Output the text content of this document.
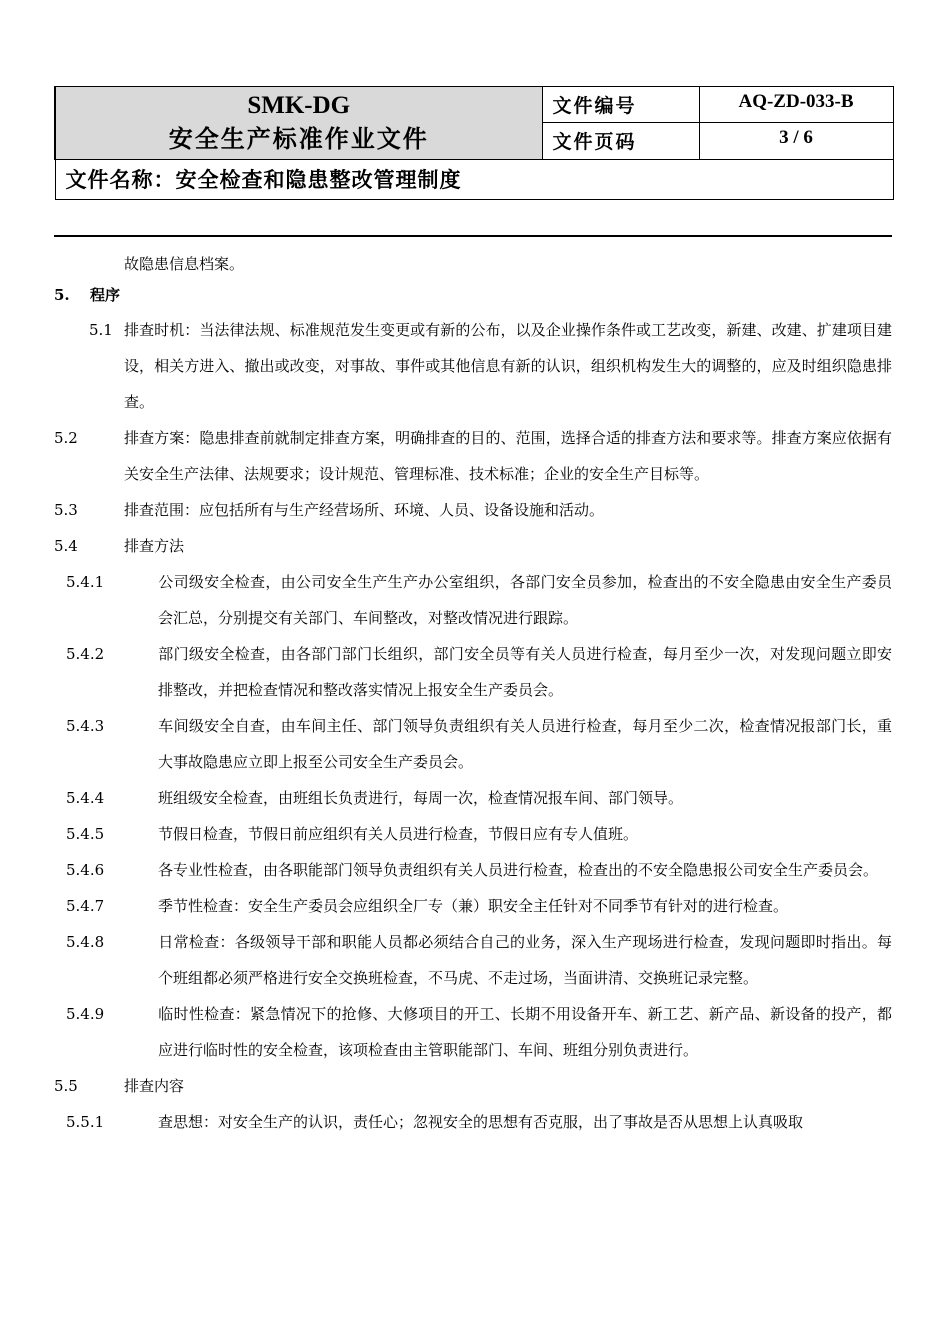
SMK-DG
安全生产标准作业文件	文件编号	AQ-ZD-033-B
	文件页码	3 / 6
文件名称：安全检查和隐患整改管理制度		

故隐患信息档案。

5. 程序

5.1 排查时机：当法律法规、标准规范发生变更或有新的公布，以及企业操作条件或工艺改变，新建、改建、扩建项目建设，相关方进入、撤出或改变，对事故、事件或其他信息有新的认识，组织机构发生大的调整的，应及时组织隐患排查。

5.2	排查方案：隐患排查前就制定排查方案，明确排查的目的、范围，选择合适的排查方法和要求等。排查方案应依据有关安全生产法律、法规要求；设计规范、管理标准、技术标准；企业的安全生产目标等。

5.3	排查范围：应包括所有与生产经营场所、环境、人员、设备设施和活动。

5.4	排查方法

5.4.1	公司级安全检查，由公司安全生产生产办公室组织，各部门安全员参加，检查出的不安全隐患由安全生产委员会汇总，分别提交有关部门、车间整改，对整改情况进行跟踪。

5.4.2	部门级安全检查，由各部门部门长组织，部门安全员等有关人员进行检查，每月至少一次，对发现问题立即安排整改，并把检查情况和整改落实情况上报安全生产委员会。

5.4.3	车间级安全自查，由车间主任、部门领导负责组织有关人员进行检查，每月至少二次，检查情况报部门长，重大事故隐患应立即上报至公司安全生产委员会。

5.4.4	班组级安全检查，由班组长负责进行，每周一次，检查情况报车间、部门领导。

5.4.5	节假日检查，节假日前应组织有关人员进行检查，节假日应有专人值班。

5.4.6	各专业性检查，由各职能部门领导负责组织有关人员进行检查，检查出的不安全隐患报公司安全生产委员会。

5.4.7	季节性检查：安全生产委员会应组织全厂专（兼）职安全主任针对不同季节有针对的进行检查。

5.4.8	日常检查：各级领导干部和职能人员都必须结合自己的业务，深入生产现场进行检查，发现问题即时指出。每个班组都必须严格进行安全交换班检查，不马虎、不走过场，当面讲清、交换班记录完整。

5.4.9	临时性检查：紧急情况下的抢修、大修项目的开工、长期不用设备开车、新工艺、新产品、新设备的投产，都应进行临时性的安全检查，该项检查由主管职能部门、车间、班组分别负责进行。

5.5	排查内容

5.5.1	查思想：对安全生产的认识，责任心；忽视安全的思想有否克服，出了事故是否从思想上认真吸取
